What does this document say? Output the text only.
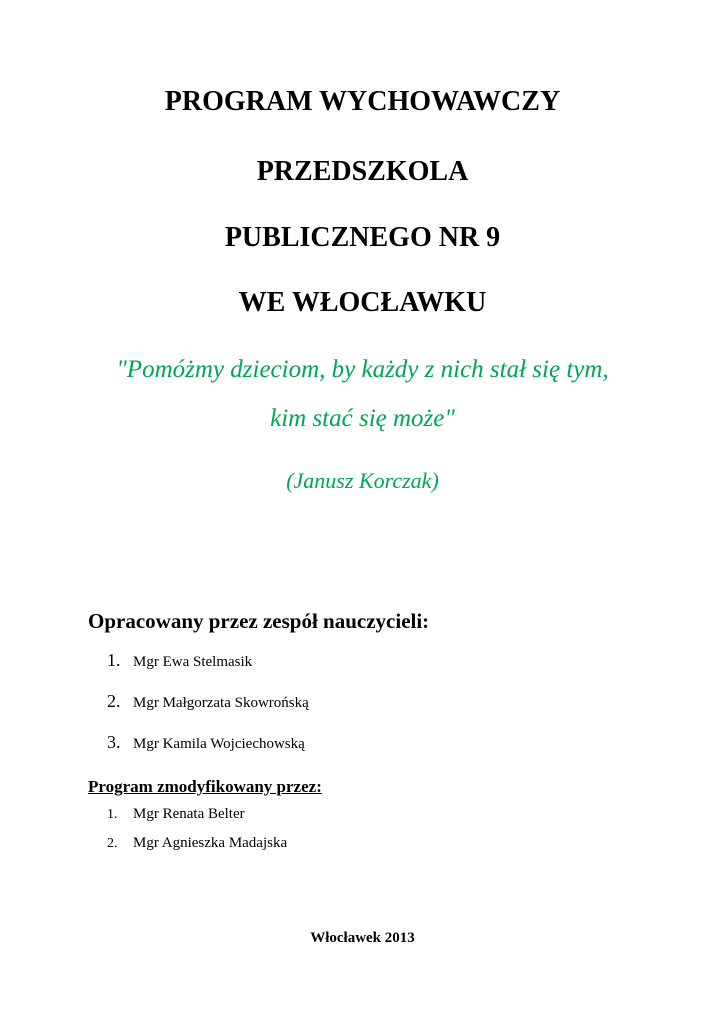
PROGRAM WYCHOWAWCZY
PRZEDSZKOLA
PUBLICZNEGO NR 9
WE WŁOCŁAWKU
"Pomóżmy dzieciom, by każdy z nich stał się tym,
kim stać się może"
(Janusz Korczak)
Opracowany przez zespół nauczycieli:
1. Mgr Ewa Stelmasik
2. Mgr Małgorzata Skowrońską
3. Mgr Kamila Wojciechowską
Program zmodyfikowany przez:
1. Mgr Renata Belter
2. Mgr Agnieszka Madajska
Włocławek 2013
